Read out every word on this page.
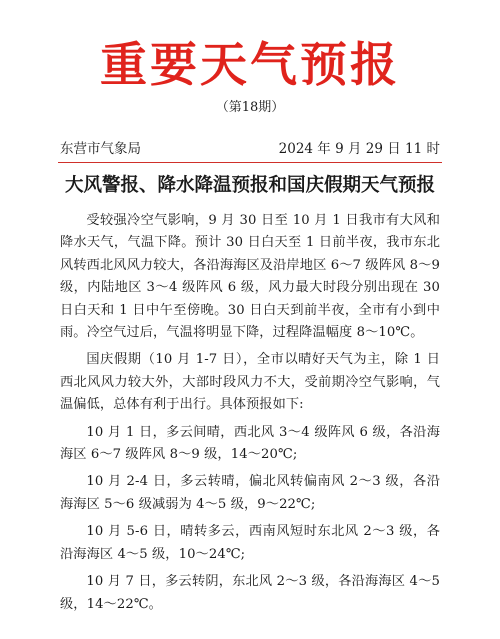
重要天气预报
（第18期）
东营市气象局	2024 年 9 月 29 日 11 时
大风警报、降水降温预报和国庆假期天气预报

受较强冷空气影响，9 月 30 日至 10 月 1 日我市有大风和降水天气，气温下降。预计 30 日白天至 1 日前半夜，我市东北风转西北风风力较大，各沿海海区及沿岸地区 6～7 级阵风 8～9 级，内陆地区 3～4 级阵风 6 级，风力最大时段分别出现在 30 日白天和 1 日中午至傍晚。30 日白天到前半夜，全市有小到中雨。冷空气过后，气温将明显下降，过程降温幅度 8～10℃。

国庆假期（10 月 1-7 日），全市以晴好天气为主，除 1 日西北风风力较大外，大部时段风力不大，受前期冷空气影响，气温偏低，总体有利于出行。具体预报如下:

10 月 1 日，多云间晴，西北风 3～4 级阵风 6 级，各沿海海区 6～7 级阵风 8～9 级，14～20℃;

10 月 2-4 日，多云转晴，偏北风转偏南风 2～3 级，各沿海海区 5～6 级减弱为 4～5 级，9～22℃;

10 月 5-6 日，晴转多云，西南风短时东北风 2～3 级，各沿海海区 4～5 级，10～24℃;

10 月 7 日，多云转阴，东北风 2～3 级，各沿海海区 4～5 级，14～22℃。
